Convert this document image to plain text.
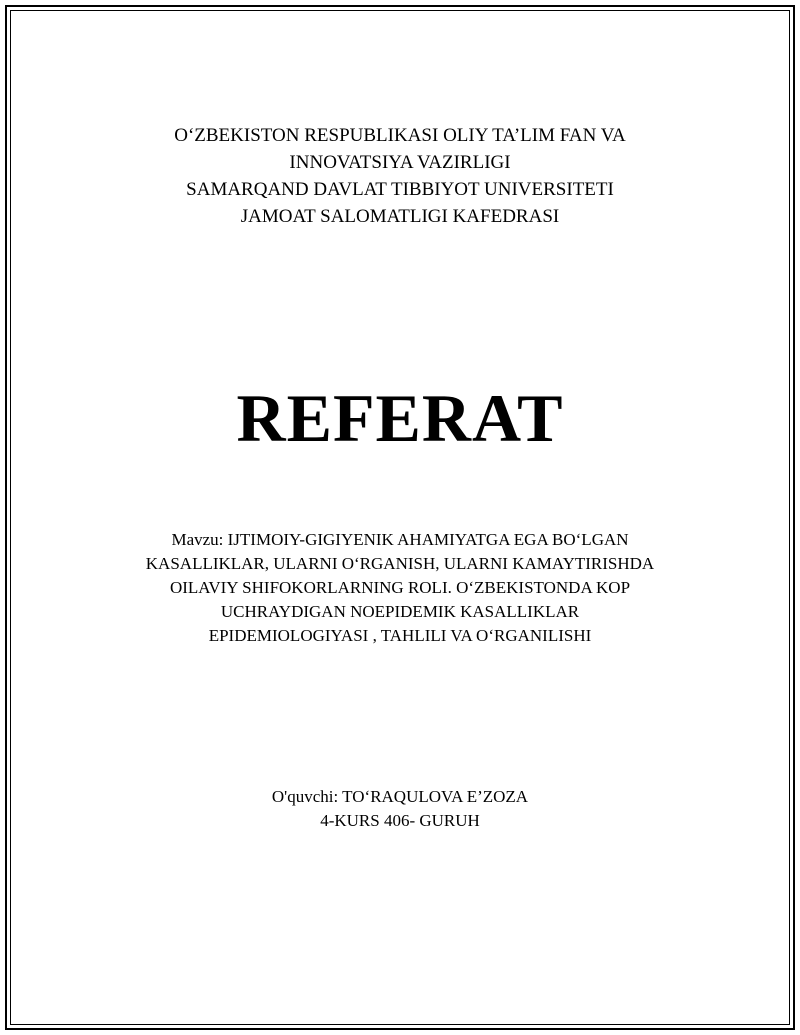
O‘ZBEKISTON RESPUBLIKASI OLIY TA’LIM FAN VA
INNOVATSIYA VAZIRLIGI
SAMARQAND DAVLAT TIBBIYOT UNIVERSITETI
JAMOAT SALOMATLIGI KAFEDRASI
REFERAT
Mavzu: IJTIMOIY-GIGIYENIK AHAMIYATGA EGA BO‘LGAN
KASALLIKLAR, ULARNI O‘RGANISH, ULARNI KAMAYTIRISHDA
OILAVIY SHIFOKORLARNING ROLI. O‘ZBEKISTONDA KOP
UCHRAYDIGAN NOEPIDEMIK KASALLIKLAR
EPIDEMIOLOGIYASI , TAHLILI VA O‘RGANILISHI
O'quvchi: TO‘RAQULOVA E’ZOZA
4-KURS 406- GURUH
